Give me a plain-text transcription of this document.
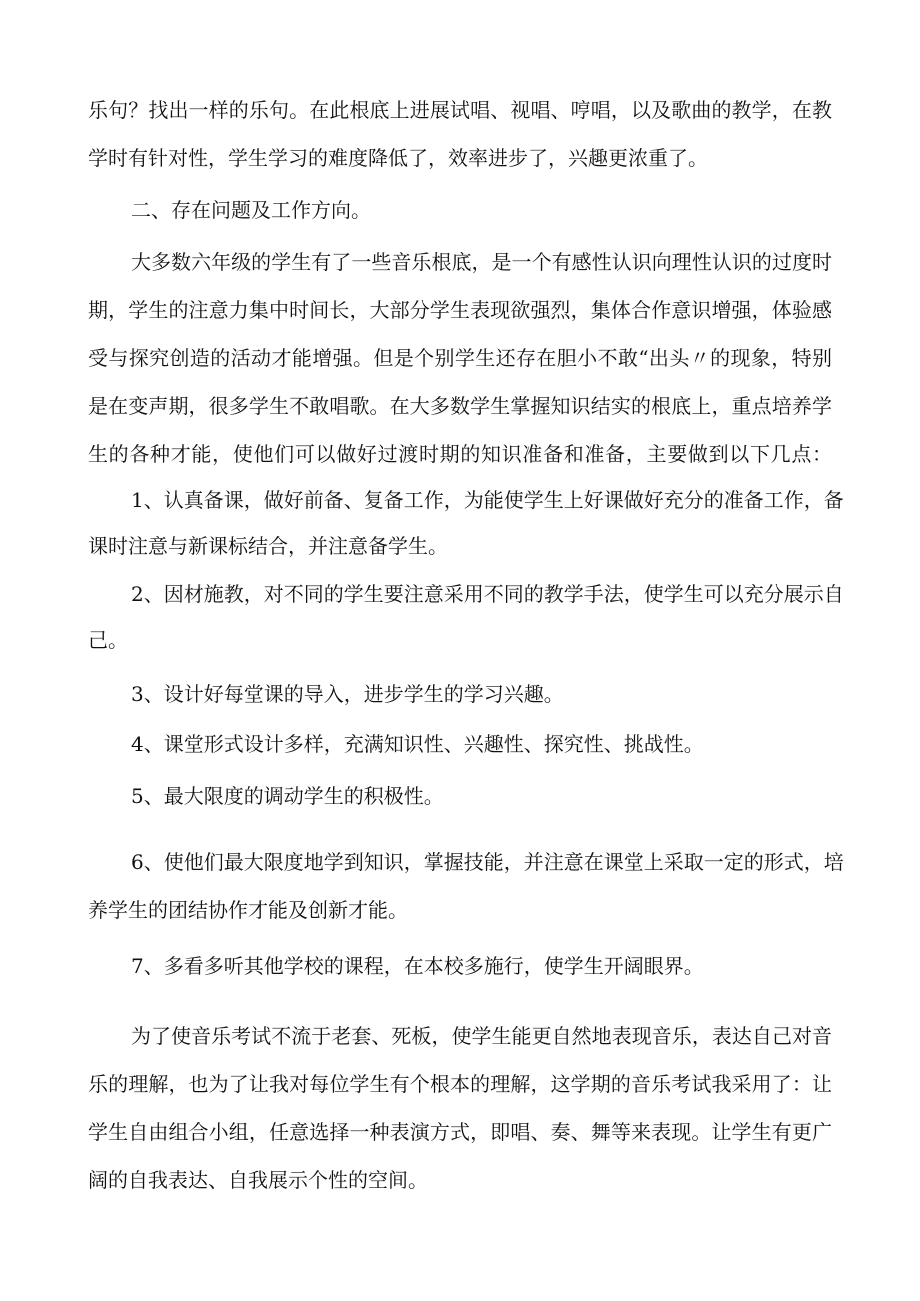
乐句？找出一样的乐句。在此根底上进展试唱、视唱、哼唱，以及歌曲的教学，在教
学时有针对性，学生学习的难度降低了，效率进步了，兴趣更浓重了。
二、存在问题及工作方向。
大多数六年级的学生有了一些音乐根底，是一个有感性认识向理性认识的过度时
期，学生的注意力集中时间长，大部分学生表现欲强烈，集体合作意识增强，体验感
受与探究创造的活动才能增强。但是个别学生还存在胆小不敢“出头〃的现象，特别
是在变声期，很多学生不敢唱歌。在大多数学生掌握知识结实的根底上，重点培养学
生的各种才能，使他们可以做好过渡时期的知识准备和准备，主要做到以下几点：
1、认真备课，做好前备、复备工作，为能使学生上好课做好充分的准备工作，备
课时注意与新课标结合，并注意备学生。
2、因材施教，对不同的学生要注意采用不同的教学手法，使学生可以充分展示自
己。
3、设计好每堂课的导入，进步学生的学习兴趣。
4、课堂形式设计多样，充满知识性、兴趣性、探究性、挑战性。
5、最大限度的调动学生的积极性。
6、使他们最大限度地学到知识，掌握技能，并注意在课堂上采取一定的形式，培
养学生的团结协作才能及创新才能。
7、多看多听其他学校的课程，在本校多施行，使学生开阔眼界。
为了使音乐考试不流于老套、死板，使学生能更自然地表现音乐，表达自己对音
乐的理解，也为了让我对每位学生有个根本的理解，这学期的音乐考试我采用了：让
学生自由组合小组，任意选择一种表演方式，即唱、奏、舞等来表现。让学生有更广
阔的自我表达、自我展示个性的空间。
